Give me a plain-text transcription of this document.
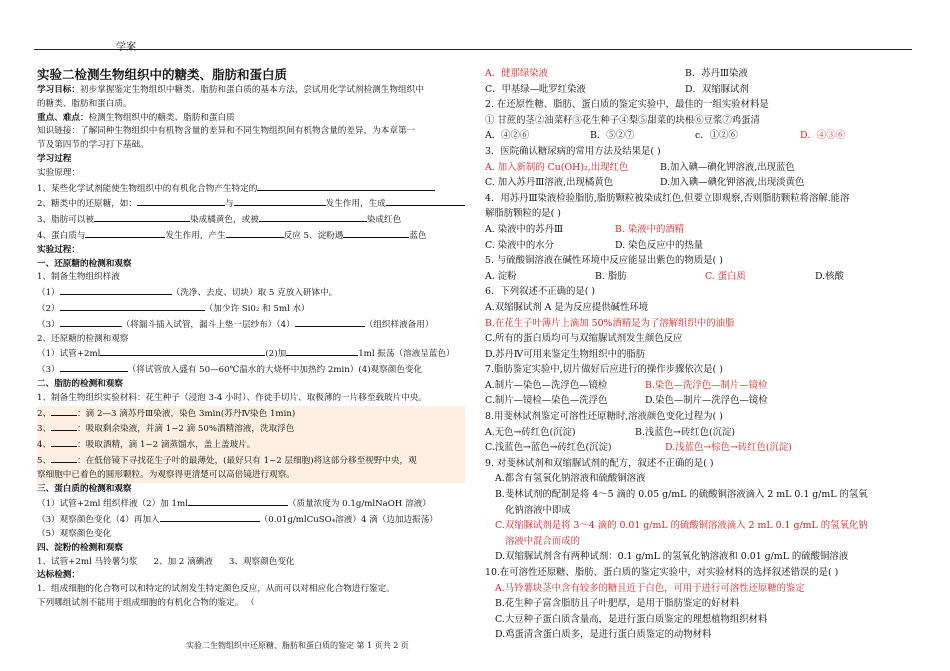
学案

实验二检测生物组织中的糖类、脂肪和蛋白质

学习目标：初步掌握鉴定生物组织中糖类、脂肪和蛋白质的基本方法，尝试用化学试剂检测生物组织中

的糖类、脂肪和蛋白质。

重点、难点：检测生物组织中的糖类、脂肪和蛋白质

知识链接：了解同种生物组织中有机物含量的差异和不同生物组织间有机物含量的差异，为本章第一

节及第四节的学习打下基础。

学习过程

实验原理：

1、某些化学试剂能使生物组织中的有机化合物产生特定的

2、糖类中的还原糖，如：	与	发生作用，生成

3、脂肪可以被	染成橘黄色，或被	染成红色

4、蛋白质与	发生作用，产生	反应 5、淀粉遇	蓝色

实验过程：

一、还原糖的检测和观察

1、制备生物组织样液

（1）	（洗净、去皮、切块）取 5 克放入研钵中。

（2）	（加少许 Si0₂ 和 5ml 水）

（3）	（将漏斗插入试管，漏斗上垫一层纱布）（4）	（组织样液备用）

2、还原糖的检测和观察

（1）试管+2ml	(2)加	1ml 振荡（溶液呈蓝色）

（3）	（将试管放入盛有 50—60℃温水的大烧杯中加热约 2min）(4)观察颜色变化

二、脂肪的检测和观察

1、制备生物组织实验材料：花生种子（浸泡 3-4 小时）、作徒手切片、取极薄的一片移至载玻片中央。

2、	：滴 2—3 滴苏丹Ⅲ染液，染色 3min(苏丹Ⅳ染色 1min)

3、	：吸取剩余染液，并滴 1~2 滴 50%酒精溶液，洗取浮色

4、	：吸取酒精，滴 1~2 滴蒸馏水，盖上盖玻片。

5、	：在低倍镜下寻找花生子叶的最薄处，(最好只有 1~2 层细胞)将这部分移至视野中央，观

察细胞中已着色的圆形颗粒。为观察得更清楚可以高倍镜进行观察。

三、蛋白质的检测和观察

（1）试管+2ml 组织样液（2）加 1ml	（质量浓度为 0.1g/mlNaOH 溶液）

（3）观察颜色变化（4）再加入	（0.01g/mlCuSO₄溶液）4 滴（边加边振荡）

（5）观察颜色变化

四、淀粉的检测和观察

1、试管+2ml 马铃薯匀浆 2、加 2 滴碘液 3、观察颜色变化

达标检测：

1．组成细胞的化合物可以和特定的试剂发生特定颜色反应，从而可以对相应化合物进行鉴定。

下列哪组试剂不能用于组成细胞的有机化合物的鉴定。 （

A．健那绿染液	B．苏丹Ⅲ染液

C．甲基绿—吡罗红染液	D．双缩脲试剂

2. 在还原性糖、脂肪、蛋白质的鉴定实验中，最佳的一组实验材料是

① 甘蔗的茎②油菜籽③花生种子④梨⑤甜菜的块根⑥豆浆⑦鸡蛋清

A．④②⑥	B．⑤②⑦	c．①②⑥	D．④③⑥

3．医院确认糖尿病的常用方法及结果是( )

A. 加入新制的 Cu(OH)₂,出现红色	B.加入碘—碘化钾溶液,出现蓝色

C. 加入苏丹Ⅲ溶液,出现橘黄色	D.加入碘—碘化钾溶液,出现淡黄色

4．用苏丹Ⅲ染液检验脂肪,脂肪颗粒被染成红色,但要立即观察,否则脂肪颗粒将溶解.能溶

解脂肪颗粒的是( )

A. 染液中的苏丹Ⅲ	B. 染液中的酒精

C. 染液中的水分	D. 染色反应中的热量

5. 与硫酸铜溶液在碱性环境中反应能显出紫色的物质是( )

A. 淀粉	B. 脂肪	C. 蛋白质	D.核酸

6．下列叙述不正确的是( )

A.双缩脲试剂 A 是为反应提供碱性环境

B.在花生子叶薄片上滴加 50%酒精是为了溶解组织中的油脂

C.所有的蛋白质均可与双缩脲试剂发生颜色反应

D.苏丹Ⅳ可用来鉴定生物组织中的脂肪

7.脂肪鉴定实验中,切片做好后应进行的操作步骤依次是( )

A.制片—染色—洗浮色—镜检	B.染色—洗浮色—制片—镜检

C.制片—镜检—染色—洗浮色	D.染色—制片—洗浮色—镜检

8.用斐林试剂鉴定可溶性还原糖时,溶液颜色变化过程为( )

A.无色→砖红色(沉淀)	B.浅蓝色→砖红色(沉淀)

C.浅蓝色→蓝色→砖红色(沉淀)	D.浅蓝色→棕色→砖红色(沉淀)

9. 对斐林试剂和双缩脲试剂的配方，叙述不正确的是( )

A.都含有氢氧化钠溶液和硫酸铜溶液

B.斐林试剂的配制是将 4～5 滴的 0.05 g/mL 的硫酸铜溶液滴入 2 mL 0.1 g/mL 的氢氧

化钠溶液中即成

C.双缩脲试剂是将 3～4 滴的 0.01 g/mL 的硫酸铜溶液滴入 2 mL 0.1 g/mL 的氢氧化钠

溶液中混合而成的

D.双缩脲试剂含有两种试剂：0.1 g/mL 的氢氧化钠溶液和 0.01 g/mL 的硫酸铜溶液

10.在可溶性还原糖、脂肪、蛋白质的鉴定实验中，对实验材料的选择叙述错误的是( )

A.马铃薯块茎中含有较多的糖且近于白色，可用于进行可溶性还原糖的鉴定

B.花生种子富含脂肪且子叶肥厚，是用于脂肪鉴定的好材料

C.大豆种子蛋白质含量高，是进行蛋白质鉴定的理想植物组织材料

D.鸡蛋清含蛋白质多，是进行蛋白质鉴定的动物材料

实验二生物组织中还原糖、脂肪和蛋白质的鉴定 第 1 页共 2 页
